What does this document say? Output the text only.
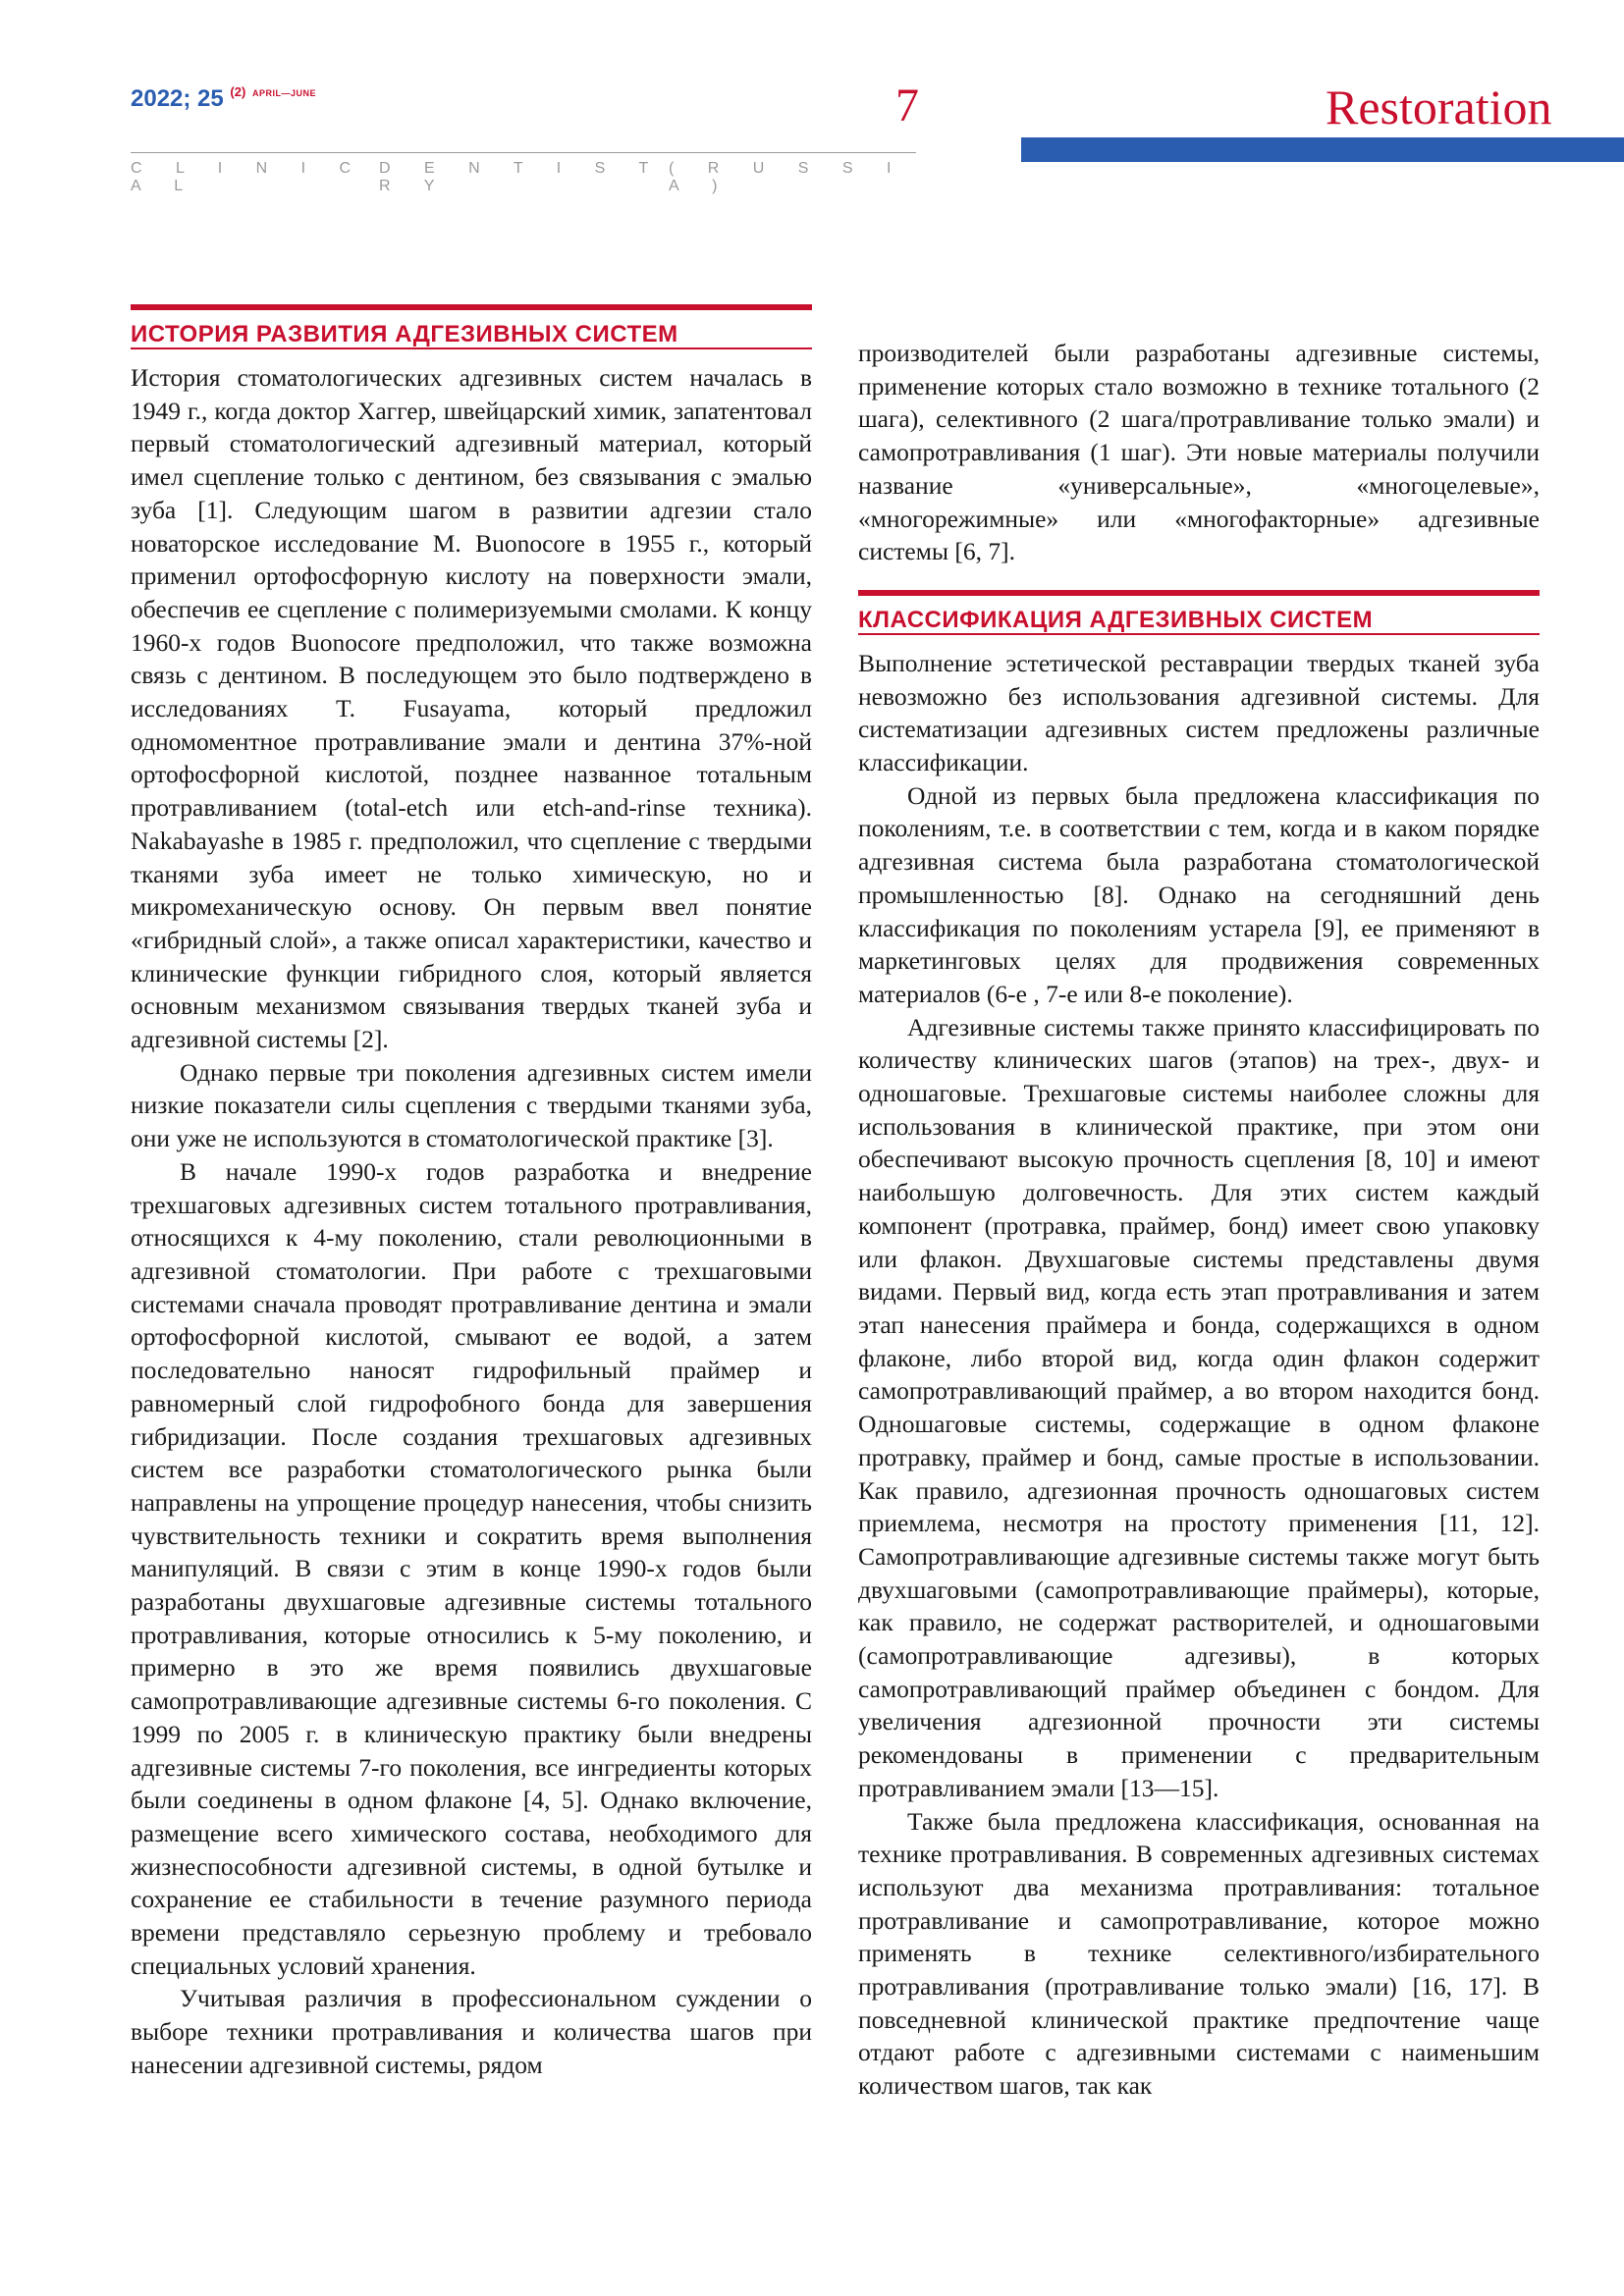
2022; 25 $^{(2)}$ $^{APRIL—JUNE}$	7
C L I N I C A L
D E N T I S T R Y
( R U S S I A )
Restoration
ИСТОРИЯ РАЗВИТИЯ АДГЕЗИВНЫХ СИСТЕМ

История стоматологических адгезивных систем началась в 1949 г., когда доктор Хаггер, швейцарский химик, запатентовал первый стоматологический адгезивный материал, который имел сцепление только с дентином, без связывания с эмалью зуба [1]. Следующим шагом в развитии адгезии стало новаторское исследование M. Buonocore в 1955 г., который применил ортофосфорную кислоту на поверхности эмали, обеспечив ее сцепление с полимеризуемыми смолами. К концу 1960-х годов Buonocore предположил, что также возможна связь с дентином. В последующем это было подтверждено в исследованиях T. Fusayama, который предложил одномоментное протравливание эмали и дентина 37%-ной ортофосфорной кислотой, позднее названное тотальным протравливанием (total-etch или etch-and-rinse техника). Nakabayashe в 1985 г. предположил, что сцепление с твердыми тканями зуба имеет не только химическую, но и микромеханическую основу. Он первым ввел понятие «гибридный слой», а также описал характеристики, качество и клинические функции гибридного слоя, который является основным механизмом связывания твердых тканей зуба и адгезивной системы [2].

Однако первые три поколения адгезивных систем имели низкие показатели силы сцепления с твердыми тканями зуба, они уже не используются в стоматологической практике [3].

В начале 1990-х годов разработка и внедрение трехшаговых адгезивных систем тотального протравливания, относящихся к 4-му поколению, стали революционными в адгезивной стоматологии. При работе с трехшаговыми системами сначала проводят протравливание дентина и эмали ортофосфорной кислотой, смывают ее водой, а затем последовательно наносят гидрофильный праймер и равномерный слой гидрофобного бонда для завершения гибридизации. После создания трехшаговых адгезивных систем все разработки стоматологического рынка были направлены на упрощение процедур нанесения, чтобы снизить чувствительность техники и сократить время выполнения манипуляций. В связи с этим в конце 1990-х годов были разработаны двухшаговые адгезивные системы тотального протравливания, которые относились к 5-му поколению, и примерно в это же время появились двухшаговые самопротравливающие адгезивные системы 6-го поколения. С 1999 по 2005 г. в клиническую практику были внедрены адгезивные системы 7-го поколения, все ингредиенты которых были соединены в одном флаконе [4, 5]. Однако включение, размещение всего химического состава, необходимого для жизнеспособности адгезивной системы, в одной бутылке и сохранение ее стабильности в течение разумного периода времени представляло серьезную проблему и требовало специальных условий хранения.

Учитывая различия в профессиональном суждении о выборе техники протравливания и количества шагов при нанесении адгезивной системы, рядом

производителей были разработаны адгезивные системы, применение которых стало возможно в технике тотального (2 шага), селективного (2 шага/протравливание только эмали) и самопротравливания (1 шаг). Эти новые материалы получили название «универсальные», «многоцелевые», «многорежимные» или «многофакторные» адгезивные системы [6, 7].

КЛАССИФИКАЦИЯ АДГЕЗИВНЫХ СИСТЕМ

Выполнение эстетической реставрации твердых тканей зуба невозможно без использования адгезивной системы. Для систематизации адгезивных систем предложены различные классификации.

Одной из первых была предложена классификация по поколениям, т.е. в соответствии с тем, когда и в каком порядке адгезивная система была разработана стоматологической промышленностью [8]. Однако на сегодняшний день классификация по поколениям устарела [9], ее применяют в маркетинговых целях для продвижения современных материалов (6-е , 7-е или 8-е поколение).

Адгезивные системы также принято классифицировать по количеству клинических шагов (этапов) на трех-, двух- и одношаговые. Трехшаговые системы наиболее сложны для использования в клинической практике, при этом они обеспечивают высокую прочность сцепления [8, 10] и имеют наибольшую долговечность. Для этих систем каждый компонент (протравка, праймер, бонд) имеет свою упаковку или флакон. Двухшаговые системы представлены двумя видами. Первый вид, когда есть этап протравливания и затем этап нанесения праймера и бонда, содержащихся в одном флаконе, либо второй вид, когда один флакон содержит самопротравливающий праймер, а во втором находится бонд. Одношаговые системы, содержащие в одном флаконе протравку, праймер и бонд, самые простые в использовании. Как правило, адгезионная прочность одношаговых систем приемлема, несмотря на простоту применения [11, 12]. Самопротравливающие адгезивные системы также могут быть двухшаговыми (самопротравливающие праймеры), которые, как правило, не содержат растворителей, и одношаговыми (самопротравливающие адгезивы), в которых самопротравливающий праймер объединен с бондом. Для увеличения адгезионной прочности эти системы рекомендованы в применении с предварительным протравливанием эмали [13—15].

Также была предложена классификация, основанная на технике протравливания. В современных адгезивных системах используют два механизма протравливания: тотальное протравливание и самопротравливание, которое можно применять в технике селективного/избирательного протравливания (протравливание только эмали) [16, 17]. В повседневной клинической практике предпочтение чаще отдают работе с адгезивными системами с наименьшим количеством шагов, так как
